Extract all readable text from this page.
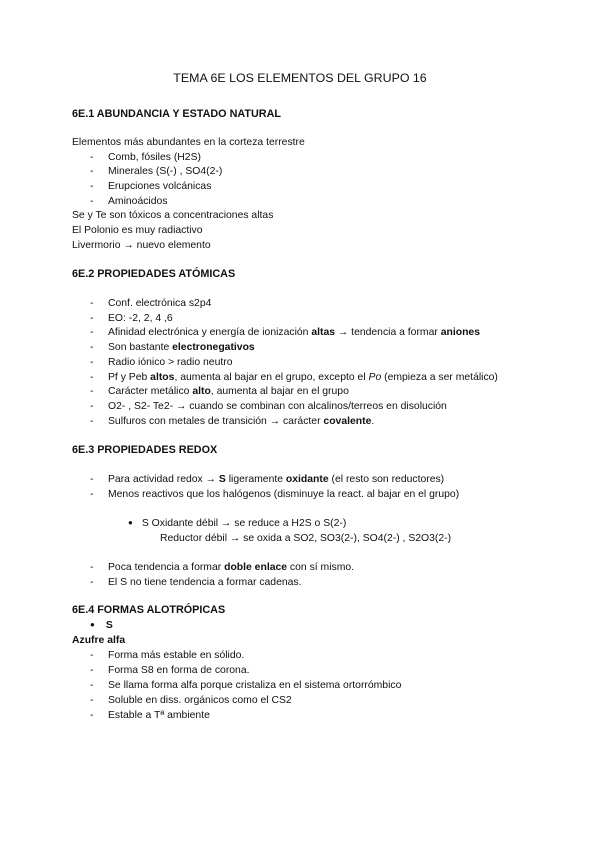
TEMA 6E LOS ELEMENTOS DEL GRUPO 16
6E.1 ABUNDANCIA Y ESTADO NATURAL
Elementos más abundantes en la corteza terrestre
- Comb, fósiles (H2S)
- Minerales (S(-) , SO4(2-)
- Erupciones volcánicas
- Aminoácidos
Se y Te son tóxicos a concentraciones altas
El Polonio es muy radiactivo
Livermorio → nuevo elemento
6E.2 PROPIEDADES ATÓMICAS
- Conf. electrónica s2p4
- EO: -2, 2, 4 ,6
- Afinidad electrónica y energía de ionización altas → tendencia a formar aniones
- Son bastante electronegativos
- Radio iónico > radio neutro
- Pf y Peb altos, aumenta al bajar en el grupo, excepto el Po (empieza a ser metálico)
- Carácter metálico alto, aumenta al bajar en el grupo
- O2- , S2- Te2- → cuando se combinan con alcalinos/terreos en disolución
- Sulfuros con metales de transición → carácter covalente.
6E.3 PROPIEDADES REDOX
- Para actividad redox → S ligeramente oxidante (el resto son reductores)
- Menos reactivos que los halógenos (disminuye la react. al bajar en el grupo)
● S Oxidante débil → se reduce a H2S o S(2-)
Reductor débil → se oxida a SO2, SO3(2-), SO4(2-) , S2O3(2-)
- Poca tendencia a formar doble enlace con sí mismo.
- El S no tiene tendencia a formar cadenas.
6E.4 FORMAS ALOTRÓPICAS
● S
Azufre alfa
- Forma más estable en sólido.
- Forma S8 en forma de corona.
- Se llama forma alfa porque cristaliza en el sistema ortorrómbico
- Soluble en diss. orgánicos como el CS2
- Estable a Tª ambiente
